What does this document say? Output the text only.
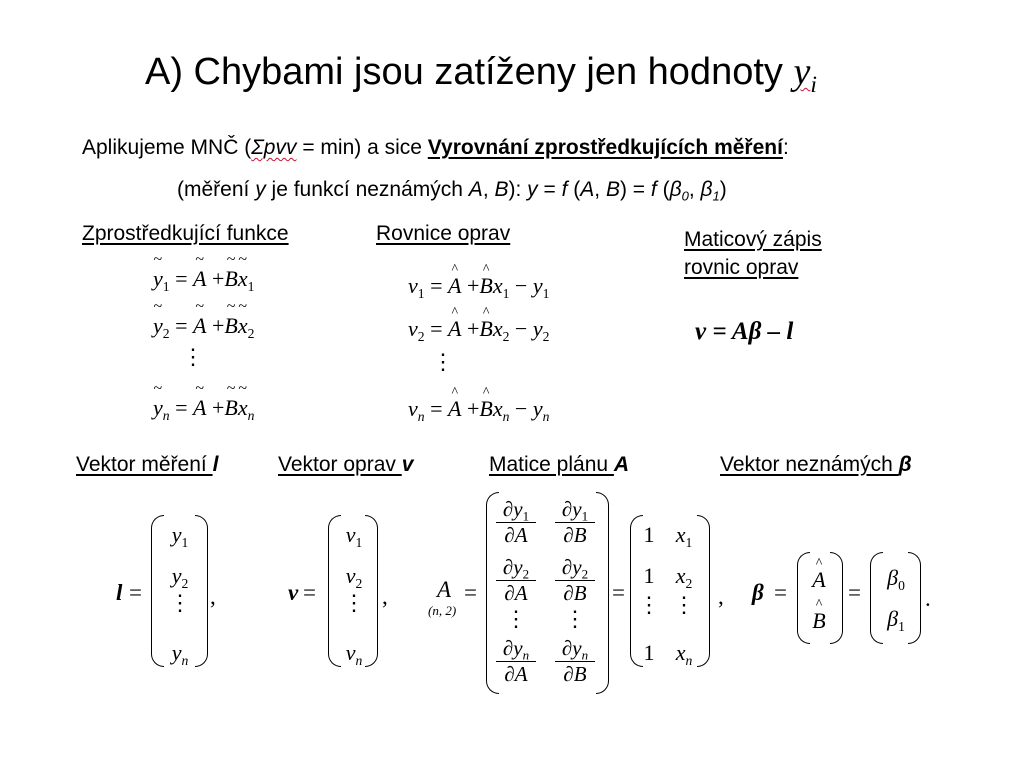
A) Chybami jsou zatíženy jen hodnoty $y_i$
Aplikujeme MNČ (Σpvv = min) a sice Vyrovnání zprostředkujících měření:
(měření y je funkcí neznámých A, B): y = f (A, B) = f ($\beta_0$, $\beta_1$)
Zprostředkující funkce	Rovnice oprav	Maticový zápis
rovnic oprav
~ $y_1$ = ~ A +~ B~ $x_1$
~ $y_2$ = ~ A +~ B~ $x_2$
⋮
~ $y_n$ = ~ A +~ B~ $x_n$
$v_1$ = ^ A +^ $Bx_1 - y_1$
$v_2$ = ^ A +^ $Bx_2 - y_2$
⋮
$v_n$ = ^ A +^ $Bx_n - y_n$
v = Aβ – l
Vektor měření l	Vektor oprav v	Matice plánu A	Vektor neznámých β
l =
$y_1$
$y_2$
⋮
$y_n$
,	v =
$v_1$
$v_2$
⋮
$v_n$
, A
(n, 2)
=
$\frac{\partial y_1}{\partial A} \frac{\partial y_1}{\partial B}$
$\frac{\partial y_2}{\partial A} \frac{\partial y_2}{\partial B}$
⋮	⋮
$\frac{\partial y_n}{\partial A} \frac{\partial y_n}{\partial B}$
=
1 $x_1$
1 $x_2$
⋮ ⋮
1 $x_n$
, β =
^ A
^ B
=
$\beta_0$
$\beta_1$
.
